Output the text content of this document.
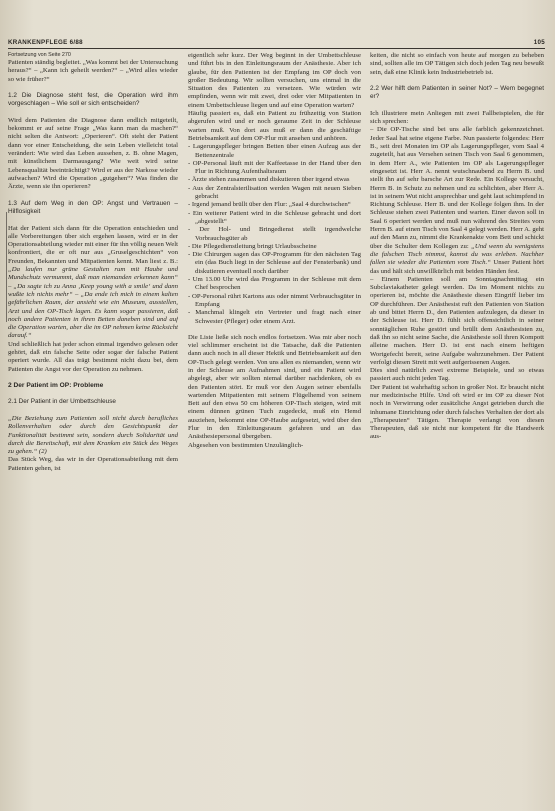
KRANKENPFLEGE 6/88	105

Fortsetzung von Seite 270

Patienten ständig begleitet. „Was kommt bei der Untersuchung heraus?“ – „Kann ich geheilt werden?“ – „Wird alles wieder so wie früher?“

1.2 Die Diagnose steht fest, die Operation wird ihm vorgeschlagen – Wie soll er sich entscheiden?

Wird dem Patienten die Diagnose dann endlich mitgeteilt, bekommt er auf seine Frage „Was kann man da machen?“ nicht selten die Antwort: „Operieren“. Oft steht der Patient dann vor einer Entscheidung, die sein Leben vielleicht total verändert: Wie wird das Leben aussehen, z. B. ohne Magen, mit künstlichem Darmausgang? Wie weit wird seine Lebensqualität beeinträchtigt? Wird er aus der Narkose wieder aufwachen? Wird die Operation „gutgehen“? Was finden die Ärzte, wenn sie ihn operieren?

1.3 Auf dem Weg in den OP: Angst und Vertrauen – Hilflosigkeit

Hat der Patient sich dann für die Operation entschieden und alle Vorbereitungen über sich ergehen lassen, wird er in der Operationsabteilung wieder mit einer für ihn völlig neuen Welt konfrontiert, die er oft nur aus „Gruselgeschichten“ von Freunden, Bekannten und Mitpatienten kennt. Man liest z. B.: „Da laufen nur grüne Gestalten rum mit Haube und Mundschutz vermummt, daß man niemanden erkennen kann“ – „Da sagte ich zu Anna ‚Keep young with a smile‘ und dann wußte ich nichts mehr“ – „Da ende ich mich in einem kalten gefährlichen Raum, der ansieht wie ein Museum, ausstellen, Arzt und den OP-Tisch lagen. Es kann sogar passieren, daß noch andere Patienten in ihren Betten daneben sind und auf die Operation warten, aber die im OP nehmen keine Rücksicht darauf.“

Und schließlich hat jeder schon einmal irgendwo gelesen oder gehört, daß ein falsche Seite oder sogar der falsche Patient operiert wurde. All das trägt bestimmt nicht dazu bei, dem Patienten die Angst vor der Operation zu nehmen.

2 Der Patient im OP: Probleme

2.1 Der Patient in der Umbettschleuse

„Die Beziehung zum Patienten soll nicht durch berufliches Rollenverhalten oder durch den Gesichtspunkt der Funktionalität bestimmt sein, sondern durch Solidarität und durch die Bereitschaft, mit dem Kranken ein Stück des Weges zu gehen.“ (2)

Das Stück Weg, das wir in der Operationsabteilung mit dem Patienten gehen, ist

eigentlich sehr kurz. Der Weg beginnt in der Umbettschleuse und führt bis in den Einleitungsraum der Anästhesie. Aber ich glaube, für den Patienten ist der Empfang im OP doch von großer Bedeutung. Wir sollten versuchen, uns einmal in die Situation des Patienten zu versetzen. Wie würden wir empfinden, wenn wir mit zwei, drei oder vier Mitpatienten in einem Umbettschleuse liegen und auf eine Operation warten?

Häufig passiert es, daß ein Patient zu frühzeitig von Station abgerufen wird und er noch geraume Zeit in der Schleuse warten muß. Von dort aus muß er dann die geschäftige Betriebsamkeit auf dem OP-Flur mit ansehen und anhören.

- Lagerungspfleger bringen Betten über einen Aufzug aus der Bettenzentrale

- OP-Personal läuft mit der Kaffeetasse in der Hand über den Flur in Richtung Aufenthaltsraum

- Ärzte stehen zusammen und diskutieren über irgend etwas

- Aus der Zentralsterilisation werden Wagen mit neuen Sieben gebracht

- Irgend jemand brüllt über den Flur: „Saal 4 durchwischen“

- Ein weiterer Patient wird in die Schleuse gebracht und dort „abgestellt“

- Der Hol- und Bringedienst stellt irgendwelche Vorbrauchsgüter ab

- Die Pflegedienstleitung bringt Urlaubsscheine

- Die Chirurgen sagen das OP-Programm für den nächsten Tag ein (das Buch liegt in der Schleuse auf der Fensterbank) und diskutieren eventuell noch darüber

- Um 13.00 Uhr wird das Programm in der Schleuse mit dem Chef besprochen

- OP-Personal rührt Kartons aus oder nimmt Verbrauchsgüter in Empfang

- Manchmal klingelt ein Vertreter und fragt nach einer Schwester (Pfleger) oder einem Arzt.

Die Liste ließe sich noch endlos fortsetzen. Was mir aber noch viel schlimmer erscheint ist die Tatsache, daß die Patienten dann auch noch in all dieser Hektik und Betriebsamkeit auf den OP-Tisch gelegt werden. Von uns allen es niemanden, wenn wir in der Schleuse am Aufnahmen sind, und ein Patient wird abgelegt, aber wir sollten niemal darüber nachdenken, ob es den Patienten stört. Er muß vor den Augen seiner ebenfalls wartenden Mitpatienten mit seinem Flügelhemd von seinem Bett auf den etwa 50 cm höheren OP-Tisch steigen, wird mit einem dünnen grünen Tuch zugedeckt, muß ein Hemd ausziehen, bekommt eine OP-Haube aufgesetzt, wird über den Flur in den Einleitungsraum gefahren und an das Anästhesiepersonal übergeben.

Abgesehen von bestimmten Unzulänglich-

keiten, die nicht so einfach von heute auf morgen zu beheben sind, sollten alle im OP Tätigen sich doch jeden Tag neu bewußt sein, daß eine Klinik kein Industriebetrieb ist.

2.2 Wer hilft dem Patienten in seiner Not? – Wem begegnet er?

Ich illustriere mein Anliegen mit zwei Fallbeispielen, die für sich sprechen:

– Die OP-Tische sind bei uns alle farblich gekennzeichnet. Jeder Saal hat seine eigene Farbe. Nun passierte folgendes: Herr B., seit drei Monaten im OP als Lagerungspfleger, vom Saal 4 zugeteilt, hat aus Versehen seinen Tisch von Saal 6 genommen, in dem Herr A., wie Patienten im OP als Lagerungspfleger eingesetzt ist. Herr A. nennt wutschnaubend zu Herrn B. und stellt ihn auf sehr barsche Art zur Rede. Ein Kollege versucht, Herrn B. in Schutz zu nehmen und zu schlichten, aber Herr A. ist in seinem Wut nicht ansprechbar und geht laut schimpfend in Richtung Schleuse. Herr B. und der Kollege folgen ihm. In der Schleuse stehen zwei Patienten und warten. Einer davon soll in Saal 6 operiert werden und muß nun während des Streites vom Herrn B. auf einen Tisch von Saal 4 gelegt werden. Herr A. geht auf den Mann zu, nimmt die Krankenakte vom Bett und schickt über die Schulter dem Kollegen zu: „Und wenn du wenigstens die falschen Tisch nimmst, kannst du was erleben. Nachher fallen sie wieder die Patienten vom Tisch.“ Unser Patient hört das und hält sich unwillkürlich mit beiden Händen fest.

– Einem Patienten soll am Sonntagnachmittag ein Subclaviakatheter gelegt werden. Da im Moment nichts zu operieren ist, möchte die Anästhesie diesen Eingriff lieber im OP durchführen. Der Anästhesist ruft den Patienten von Station ab und bittet Herrn D., den Patienten aufzulegen, da dieser in der Schleuse ist. Herr D. fühlt sich offensichtlich in seiner sonntäglichen Ruhe gestört und brüllt dem Anästhesisten zu, daß ihn so nicht seine Sache, die Anästhesie soll ihren Kompott alleine machen. Herr D. ist erst nach einem heftigen Wortgefecht bereit, seine Aufgabe wahrzunehmen. Der Patient verfolgt diesen Streit mit weit aufgerissenen Augen.

Dies sind natürlich zwei extreme Beispiele, und so etwas passiert auch nicht jeden Tag.

Der Patient ist wahrhaftig schon in großer Not. Er braucht nicht nur medizinische Hilfe. Und oft wird er im OP zu dieser Not noch in Verwirrung oder zusätzliche Angst getrieben durch die inhumane Einrichtung oder durch falsches Verhalten der dort als „Therapeuten“ Tätigen. Therapie verlangt von diesen Therapeuten, daß sie nicht nur kompetent für die Handwerk aus-
